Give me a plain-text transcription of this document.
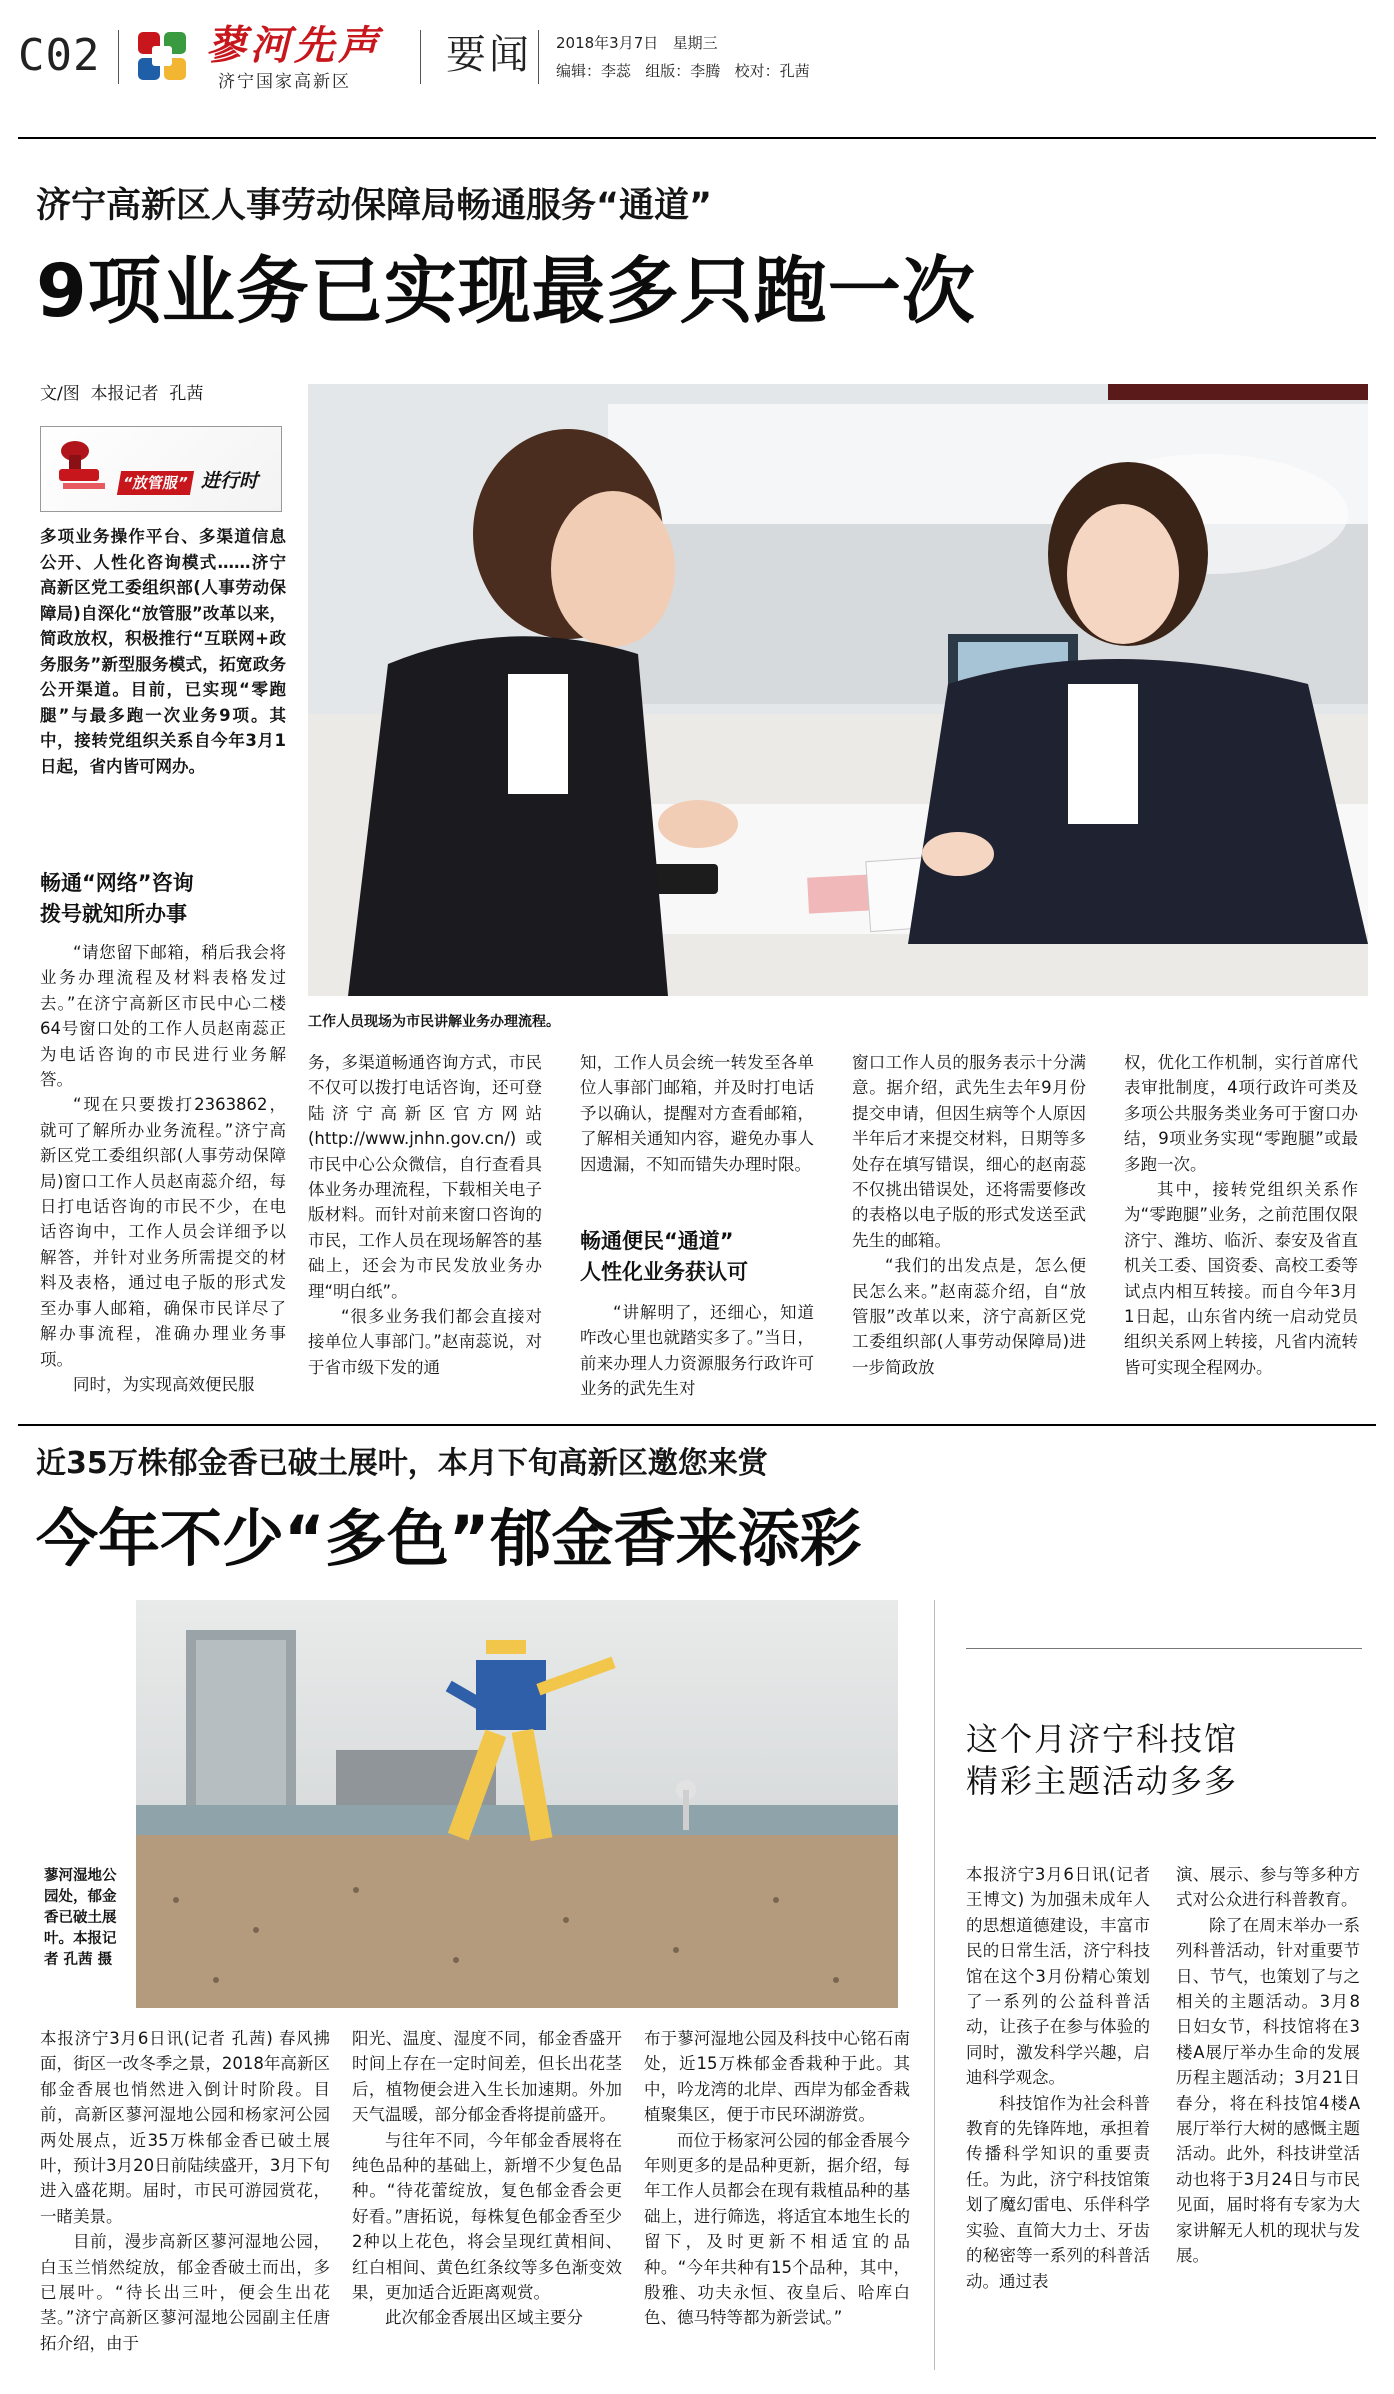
C02	蓼河先声
济宁国家高新区
要闻 2018年3月7日   星期三
编辑：李蕊   组版：李腾   校对：孔茜
济宁高新区人事劳动保障局畅通服务“通道”
9项业务已实现最多只跑一次
文/图  本报记者  孔茜
“放管服” 进行时

多项业务操作平台、多渠道信息公开、人性化咨询模式……济宁高新区党工委组织部(人事劳动保障局)自深化“放管服”改革以来，简政放权，积极推行“互联网+政务服务”新型服务模式，拓宽政务公开渠道。目前，已实现“零跑腿”与最多跑一次业务9项。其中，接转党组织关系自今年3月1日起，省内皆可网办。

畅通“网络”咨询
拨号就知所办事

“请您留下邮箱，稍后我会将业务办理流程及材料表格发过去。”在济宁高新区市民中心二楼64号窗口处的工作人员赵南蕊正为电话咨询的市民进行业务解答。

“现在只要拨打2363862，就可了解所办业务流程。”济宁高新区党工委组织部(人事劳动保障局)窗口工作人员赵南蕊介绍，每日打电话咨询的市民不少，在电话咨询中，工作人员会详细予以解答，并针对业务所需提交的材料及表格，通过电子版的形式发至办事人邮箱，确保市民详尽了解办事流程，准确办理业务事项。

同时，为实现高效便民服

工作人员现场为市民讲解业务办理流程。

务，多渠道畅通咨询方式，市民不仅可以拨打电话咨询，还可登陆济宁高新区官方网站(http://www.jnhn.gov.cn/)或市民中心公众微信，自行查看具体业务办理流程，下载相关电子版材料。而针对前来窗口咨询的市民，工作人员在现场解答的基础上，还会为市民发放业务办理“明白纸”。

“很多业务我们都会直接对接单位人事部门。”赵南蕊说，对于省市级下发的通

知，工作人员会统一转发至各单位人事部门邮箱，并及时打电话予以确认，提醒对方查看邮箱，了解相关通知内容，避免办事人因遗漏，不知而错失办理时限。

畅通便民“通道”
人性化业务获认可

“讲解明了，还细心，知道咋改心里也就踏实多了。”当日，前来办理人力资源服务行政许可业务的武先生对

窗口工作人员的服务表示十分满意。据介绍，武先生去年9月份提交申请，但因生病等个人原因半年后才来提交材料，日期等多处存在填写错误，细心的赵南蕊不仅挑出错误处，还将需要修改的表格以电子版的形式发送至武先生的邮箱。

“我们的出发点是，怎么便民怎么来。”赵南蕊介绍，自“放管服”改革以来，济宁高新区党工委组织部(人事劳动保障局)进一步简政放

权，优化工作机制，实行首席代表审批制度，4项行政许可类及多项公共服务类业务可于窗口办结，9项业务实现“零跑腿”或最多跑一次。

其中，接转党组织关系作为“零跑腿”业务，之前范围仅限济宁、潍坊、临沂、泰安及省直机关工委、国资委、高校工委等试点内相互转接。而自今年3月1日起，山东省内统一启动党员组织关系网上转接，凡省内流转皆可实现全程网办。

近35万株郁金香已破土展叶，本月下旬高新区邀您来赏
今年不少“多色”郁金香来添彩
蓼河湿地公园处，郁金香已破土展叶。本报记者 孔茜 摄

本报济宁3月6日讯(记者 孔茜) 春风拂面，街区一改冬季之景，2018年高新区郁金香展也悄然进入倒计时阶段。目前，高新区蓼河湿地公园和杨家河公园两处展点，近35万株郁金香已破土展叶，预计3月20日前陆续盛开，3月下旬进入盛花期。届时，市民可游园赏花，一睹美景。

目前，漫步高新区蓼河湿地公园，白玉兰悄然绽放，郁金香破土而出，多已展叶。“待长出三叶，便会生出花茎。”济宁高新区蓼河湿地公园副主任唐拓介绍，由于

阳光、温度、湿度不同，郁金香盛开时间上存在一定时间差，但长出花茎后，植物便会进入生长加速期。外加天气温暖，部分郁金香将提前盛开。

与往年不同，今年郁金香展将在纯色品种的基础上，新增不少复色品种。“待花蕾绽放，复色郁金香会更好看。”唐拓说，每株复色郁金香至少2种以上花色，将会呈现红黄相间、红白相间、黄色红条纹等多色渐变效果，更加适合近距离观赏。

此次郁金香展出区域主要分

布于蓼河湿地公园及科技中心铭石南处，近15万株郁金香栽种于此。其中，吟龙湾的北岸、西岸为郁金香栽植聚集区，便于市民环湖游赏。

而位于杨家河公园的郁金香展今年则更多的是品种更新，据介绍，每年工作人员都会在现有栽植品种的基础上，进行筛选，将适宜本地生长的留下，及时更新不相适宜的品种。“今年共种有15个品种，其中，殷雅、功夫永恒、夜皇后、哈库白色、德马特等都为新尝试。”

这个月济宁科技馆
精彩主题活动多多

本报济宁3月6日讯(记者 王博文) 为加强未成年人的思想道德建设，丰富市民的日常生活，济宁科技馆在这个3月份精心策划了一系列的公益科普活动，让孩子在参与体验的同时，激发科学兴趣，启迪科学观念。

科技馆作为社会科普教育的先锋阵地，承担着传播科学知识的重要责任。为此，济宁科技馆策划了魔幻雷电、乐伴科学实验、直简大力士、牙齿的秘密等一系列的科普活动。通过表

演、展示、参与等多种方式对公众进行科普教育。

除了在周末举办一系列科普活动，针对重要节日、节气，也策划了与之相关的主题活动。3月8日妇女节，科技馆将在3楼A展厅举办生命的发展历程主题活动；3月21日春分，将在科技馆4楼A展厅举行大树的感慨主题活动。此外，科技讲堂活动也将于3月24日与市民见面，届时将有专家为大家讲解无人机的现状与发展。
